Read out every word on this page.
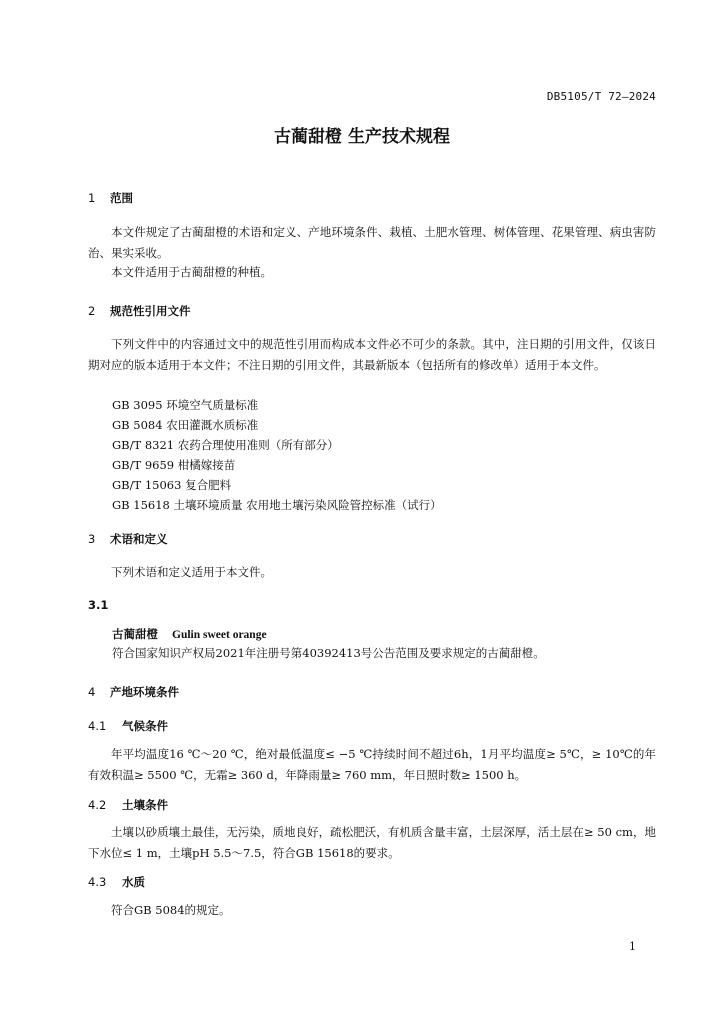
DB5105/T 72—2024
古蔺甜橙 生产技术规程
1 范围
本文件规定了古蔺甜橙的术语和定义、产地环境条件、栽植、土肥水管理、树体管理、花果管理、病虫害防治、果实采收。
本文件适用于古蔺甜橙的种植。
2 规范性引用文件
下列文件中的内容通过文中的规范性引用而构成本文件必不可少的条款。其中，注日期的引用文件，仅该日期对应的版本适用于本文件；不注日期的引用文件，其最新版本（包括所有的修改单）适用于本文件。
GB 3095 环境空气质量标准
GB 5084 农田灌溉水质标准
GB/T 8321 农药合理使用准则（所有部分）
GB/T 9659 柑橘嫁接苗
GB/T 15063 复合肥料
GB 15618 土壤环境质量 农用地土壤污染风险管控标准（试行）
3 术语和定义
下列术语和定义适用于本文件。
3.1
古蔺甜橙 Gulin sweet orange
符合国家知识产权局2021年注册号第40392413号公告范围及要求规定的古蔺甜橙。
4 产地环境条件
4.1 气候条件
年平均温度16 ℃～20 ℃，绝对最低温度≤ −5 ℃持续时间不超过6h，1月平均温度≥ 5℃，≥ 10℃的年有效积温≥ 5500 ℃，无霜≥ 360 d，年降雨量≥ 760 mm，年日照时数≥ 1500 h。
4.2 土壤条件
土壤以砂质壤土最佳，无污染，质地良好，疏松肥沃，有机质含量丰富，土层深厚，活土层在≥ 50 cm，地下水位≤ 1 m，土壤pH 5.5～7.5，符合GB 15618的要求。
4.3 水质
符合GB 5084的规定。
1
